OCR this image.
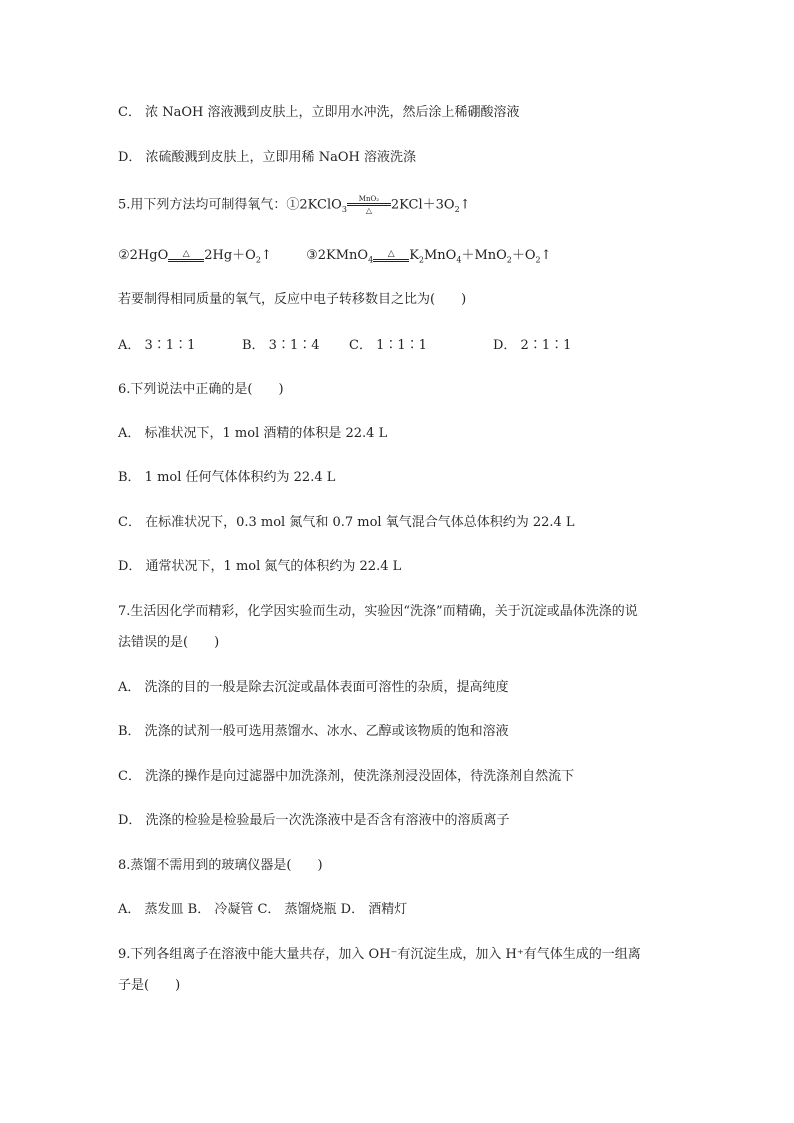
C． 浓 NaOH 溶液溅到皮肤上，立即用水冲洗，然后涂上稀硼酸溶液
D． 浓硫酸溅到皮肤上，立即用稀 NaOH 溶液洗涤
5.用下列方法均可制得氧气：①2KClO$_3$
MnO₂
△	$2KCl+3O_2↑$
②2HgO	△	$2Hg+O_2↑$  ③2KMnO$_4$
△	$K_2MnO_4+MnO_2+O_2↑$
若要制得相同质量的氧气，反应中电子转移数目之比为(　　)
A． 3∶1∶1	B． 3∶1∶4 C． 1∶1∶1	D． 2∶1∶1
6.下列说法中正确的是(　　)
A． 标准状况下，1 mol 酒精的体积是 22.4 L
B． 1 mol 任何气体体积约为 22.4 L
C． 在标准状况下，0.3 mol 氮气和 0.7 mol 氧气混合气体总体积约为 22.4 L
D． 通常状况下，1 mol 氮气的体积约为 22.4 L
7.生活因化学而精彩，化学因实验而生动，实验因“洗涤”而精确，关于沉淀或晶体洗涤的说
法错误的是(　　)
A． 洗涤的目的一般是除去沉淀或晶体表面可溶性的杂质，提高纯度
B． 洗涤的试剂一般可选用蒸馏水、冰水、乙醇或该物质的饱和溶液
C． 洗涤的操作是向过滤器中加洗涤剂，使洗涤剂浸没固体，待洗涤剂自然流下
D． 洗涤的检验是检验最后一次洗涤液中是否含有溶液中的溶质离子
8.蒸馏不需用到的玻璃仪器是(　　)
A． 蒸发皿 B． 冷凝管 C． 蒸馏烧瓶 D． 酒精灯
9.下列各组离子在溶液中能大量共存，加入 OH⁻有沉淀生成，加入 H⁺有气体生成的一组离
子是(　　)
